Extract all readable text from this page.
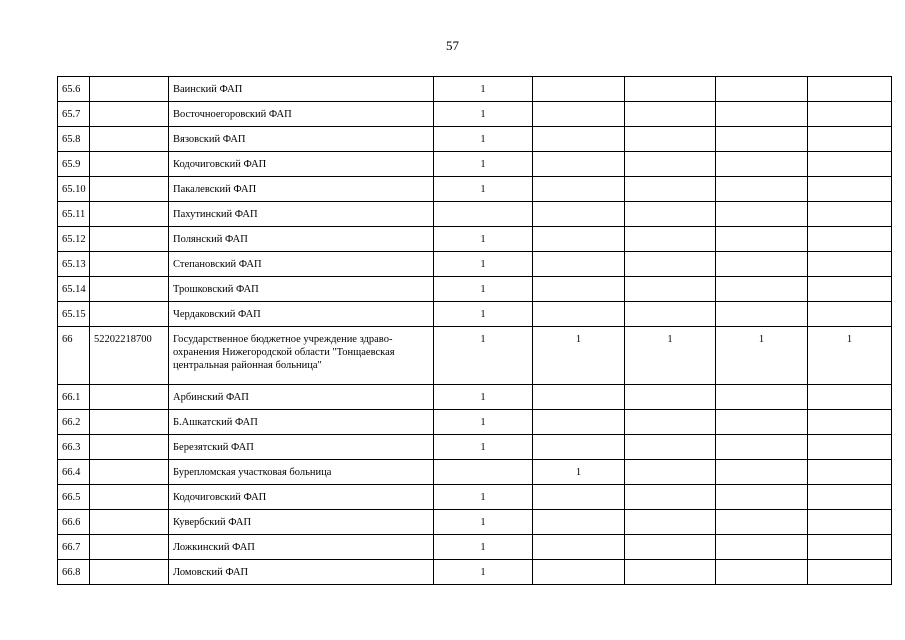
57
65.6		Ваинский ФАП	1				
65.7		Восточноегоровский ФАП	1				
65.8		Вязовский ФАП	1				
65.9		Кодочиговский ФАП	1				
65.10		Пакалевский ФАП	1				
65.11		Пахутинский ФАП					
65.12		Полянский ФАП	1				
65.13		Степановский ФАП	1				
65.14		Трошковский ФАП	1				
65.15		Чердаковский ФАП	1				
66	52202218700	Государственное бюджетное учреждение здраво-охранения Нижегородской области "Тонщаевская центральная районная больница"	1	1	1	1	1
66.1		Арбинский ФАП	1				
66.2		Б.Ашкатский ФАП	1				
66.3		Березятский ФАП	1				
66.4		Бурепломская участковая больница		1			
66.5		Кодочиговский ФАП	1				
66.6		Кувербский ФАП	1				
66.7		Ложкинский ФАП	1				
66.8		Ломовский ФАП	1				
